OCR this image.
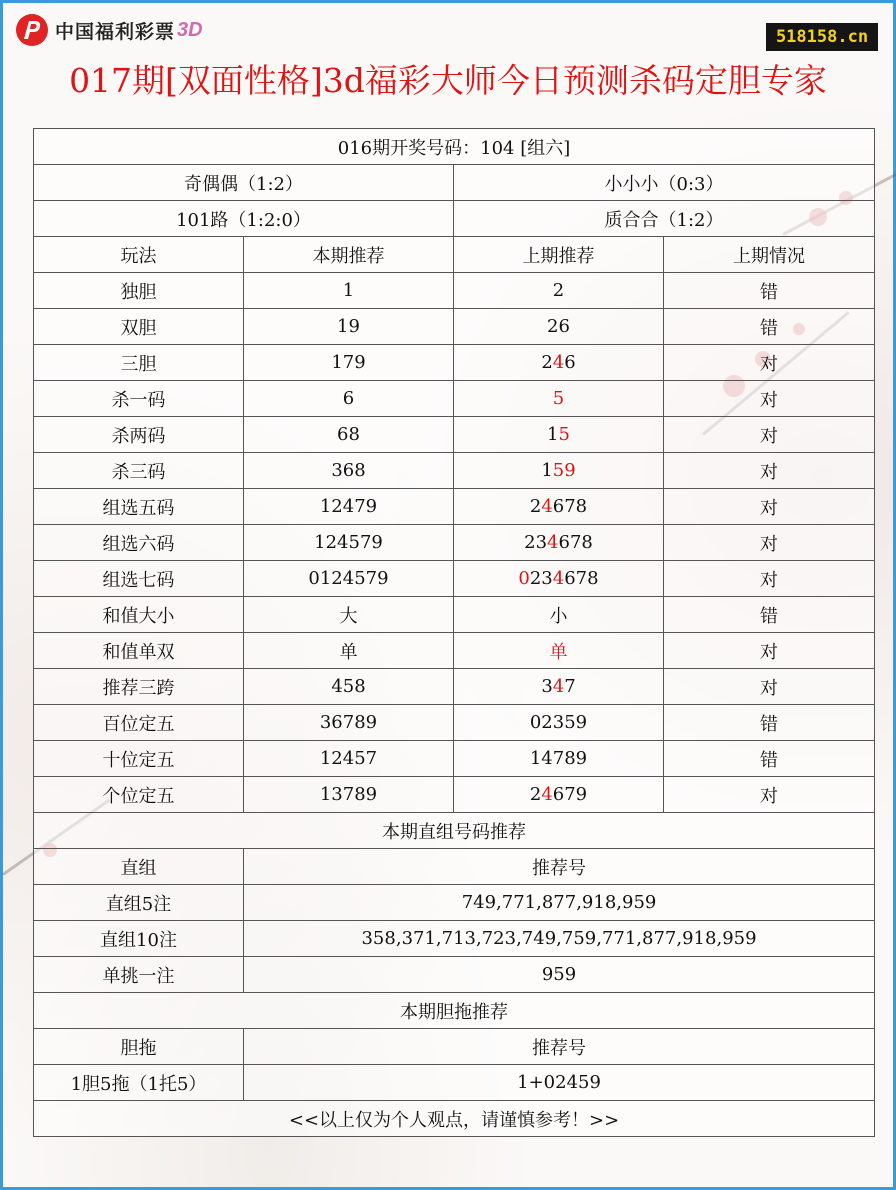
中国福利彩票 3D	518158.cn
017期[双面性格]3d福彩大师今日预测杀码定胆专家
016期开奖号码：104 [组六]			
奇偶偶（1:2）		小小小（0:3）	
101路（1:2:0）		质合合（1:2）	
玩法	本期推荐	上期推荐	上期情况
独胆	1	2	错
双胆	19	26	错
三胆	179	246	对
杀一码	6	5	对
杀两码	68	15	对
杀三码	368	159	对
组选五码	12479	24678	对
组选六码	124579	234678	对
组选七码	0124579	0234678	对
和值大小	大	小	错
和值单双	单	单	对
推荐三跨	458	347	对
百位定五	36789	02359	错
十位定五	12457	14789	错
个位定五	13789	24679	对
本期直组号码推荐			
直组	推荐号		
直组5注	749,771,877,918,959		
直组10注	358,371,713,723,749,759,771,877,918,959		
单挑一注	959		
本期胆拖推荐			
胆拖	推荐号		
1胆5拖（1托5）	1+02459		
<<以上仅为个人观点，请谨慎参考！>>			
